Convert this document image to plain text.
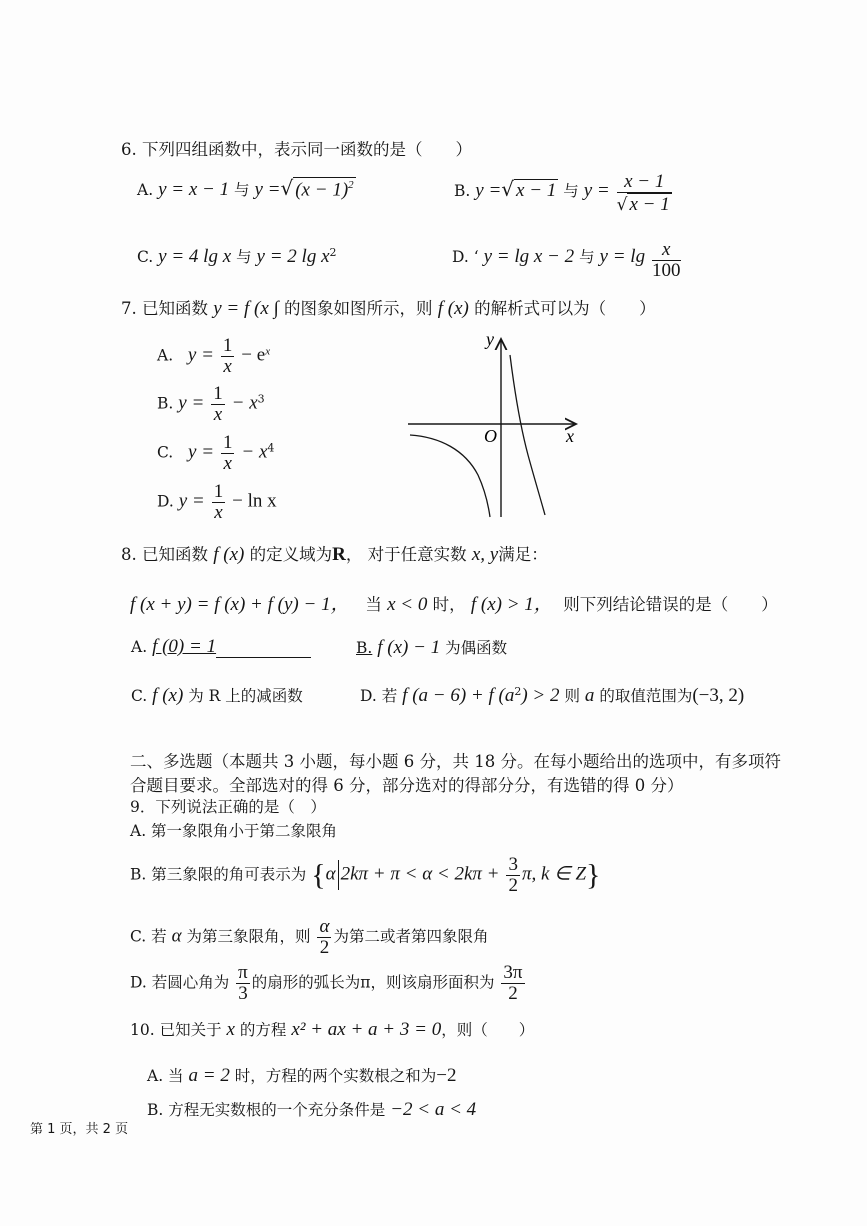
6. 下列四组函数中，表示同一函数的是（　　）
A. y = x − 1 与 y =√ $(x - 1)^2$	B. y =√ x − 1 与 $y = \frac{x - 1}{√ x - 1}$
C. y = 4 lg x 与 y = 2 $\lg x^2$	D. ʻ y = lg x − 2 与 $y = \lg \frac{x}{100}$
7. 已知函数 y = f (x ∫ 的图象如图所示，则 f (x) 的解析式可以为（　　）
A. $y = \frac{1}{x} - e^x$
B. $y = \frac{1}{x} - x^3$
C. $y = \frac{1}{x} - x^4$
D. $y = \frac{1}{x} - \ln x$
y
x
O
8. 已知函数 f (x) 的定义域为R， 对于任意实数 x, y满足：
f (x + y) = f (x) + f (y) − 1， 当 x < 0 时， f (x) > 1， 则下列结论错误的是（　　）
A. f (0) = 1	B. f (x) − 1 为偶函数
C. f (x) 为 R 上的减函数	D. 若 f (a − 6) + f $(a^2) > 2$ 则 a 的取值范围为(−3, 2)
二、多选题（本题共 3 小题，每小题 6 分，共 18 分。在每小题给出的选项中，有多项符
合题目要求。全部选对的得 6 分，部分选对的得部分分，有选错的得 0 分）
9．下列说法正确的是（　）
A. 第一象限角小于第二象限角
B. 第三象限的角可表示为 {α $2k\pi + \pi < \alpha < 2k\pi + \frac{3}{2} \pi$, k ∈ Z}
C. 若 α 为第三象限角，则 $\frac{\alpha}{2}$ 为第二或者第四象限角
D. 若圆心角为 $\frac{\pi}{3}$ 的扇形的弧长为π，则该扇形面积为 $\frac{3\pi}{2}$
10. 已知关于 x 的方程 x² + ax + a + 3 = 0，则（　　）
A. 当 a = 2 时，方程的两个实数根之和为−2
B. 方程无实数根的一个充分条件是 −2 < a < 4
第 1 页，共 2 页
